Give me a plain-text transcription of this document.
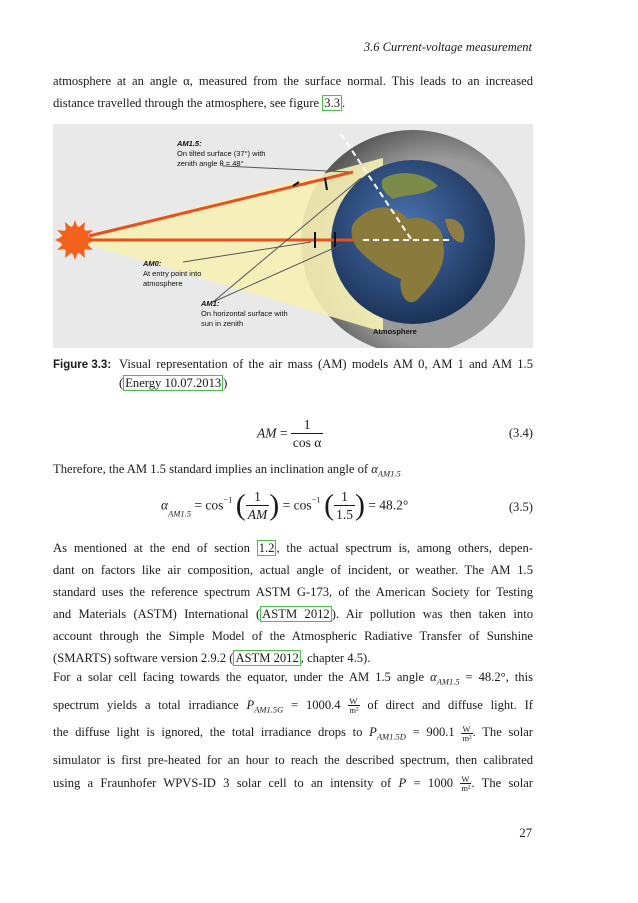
3.6 Current-voltage measurement
atmosphere at an angle α, measured from the surface normal. This leads to an increased
distance travelled through the atmosphere, see figure 3.3 .
AM1.5:
On tilted surface (37°) with
zenith angle θ = 48°
AM0:
At entry point into
atmosphere
AM1:
On horizontal surface with
sun in zenith
Atmosphere
Figure 3.3: Visual representation of the air mass (AM) models AM 0, AM 1 and AM 1.5
( Energy 10.07.2013 )
AM = $\frac{1}{\text{cos α}}$	(3.4)
Therefore, the AM 1.5 standard implies an inclination angle of $\alpha_{AM1.5}$
$\alpha_{AM1.5} = \cos^{-1}$ ( $\frac{1}{AM}$ ) = $\cos^{-1}$ ( $\frac{1}{1.5}$ ) = 48.2°	(3.5)
As mentioned at the end of section 1.2 , the actual spectrum is, among others, depen-
dant on factors like air composition, actual angle of incident, or weather. The AM 1.5
standard uses the reference spectrum ASTM G-173, of the American Society for Testing
and Materials (ASTM) International ( ASTM 2012 ). Air pollution was then taken into
account through the Simple Model of the Atmospheric Radiative Transfer of Sunshine
(SMARTS) software version 2.9.2 ( ASTM 2012 , chapter 4.5).
For a solar cell facing towards the equator, under the AM 1.5 angle $\alpha_{AM1.5} = 48.2^\circ$, this
spectrum yields a total irradiance $P_{AM1.5G} = 1000.4 \frac{W}{\text{m²}}$ of direct and diffuse light. If
the diffuse light is ignored, the total irradiance drops to $P_{AM1.5D} = 900.1 \frac{W}{\text{m²}}$ . The solar
simulator is first pre-heated for an hour to reach the described spectrum, then calibrated
using a Fraunhofer WPVS-ID 3 solar cell to an intensity of $P = 1000 \frac{W}{\text{m²}}$ . The solar
27
